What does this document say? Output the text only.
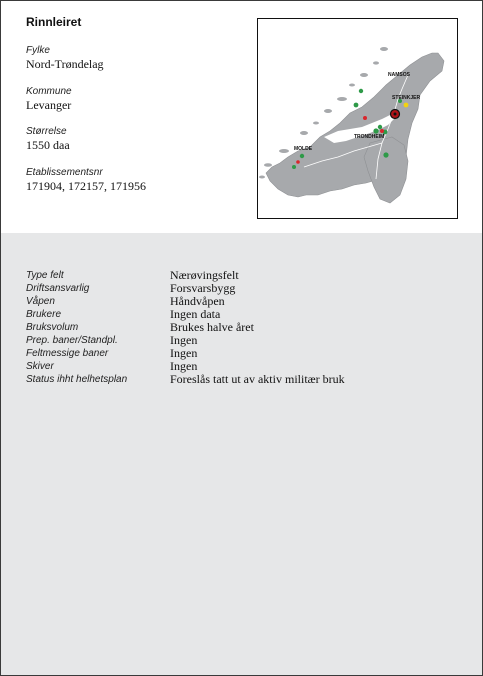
Rinnleiret
Fylke
Nord-Trøndelag
Kommune
Levanger
Størrelse
1550 daa
Etablissementsnr
171904, 172157, 171956
NAMSOS
STEINKJER
TRONDHEIM
MOLDE
Type felt	Nærøvingsfelt
Driftsansvarlig	Forsvarsbygg
Våpen	Håndvåpen
Brukere	Ingen data
Bruksvolum	Brukes halve året
Prep. baner/Standpl.	Ingen
Feltmessige baner	Ingen
Skiver	Ingen
Status ihht helhetsplan	Foreslås tatt ut av aktiv militær bruk
